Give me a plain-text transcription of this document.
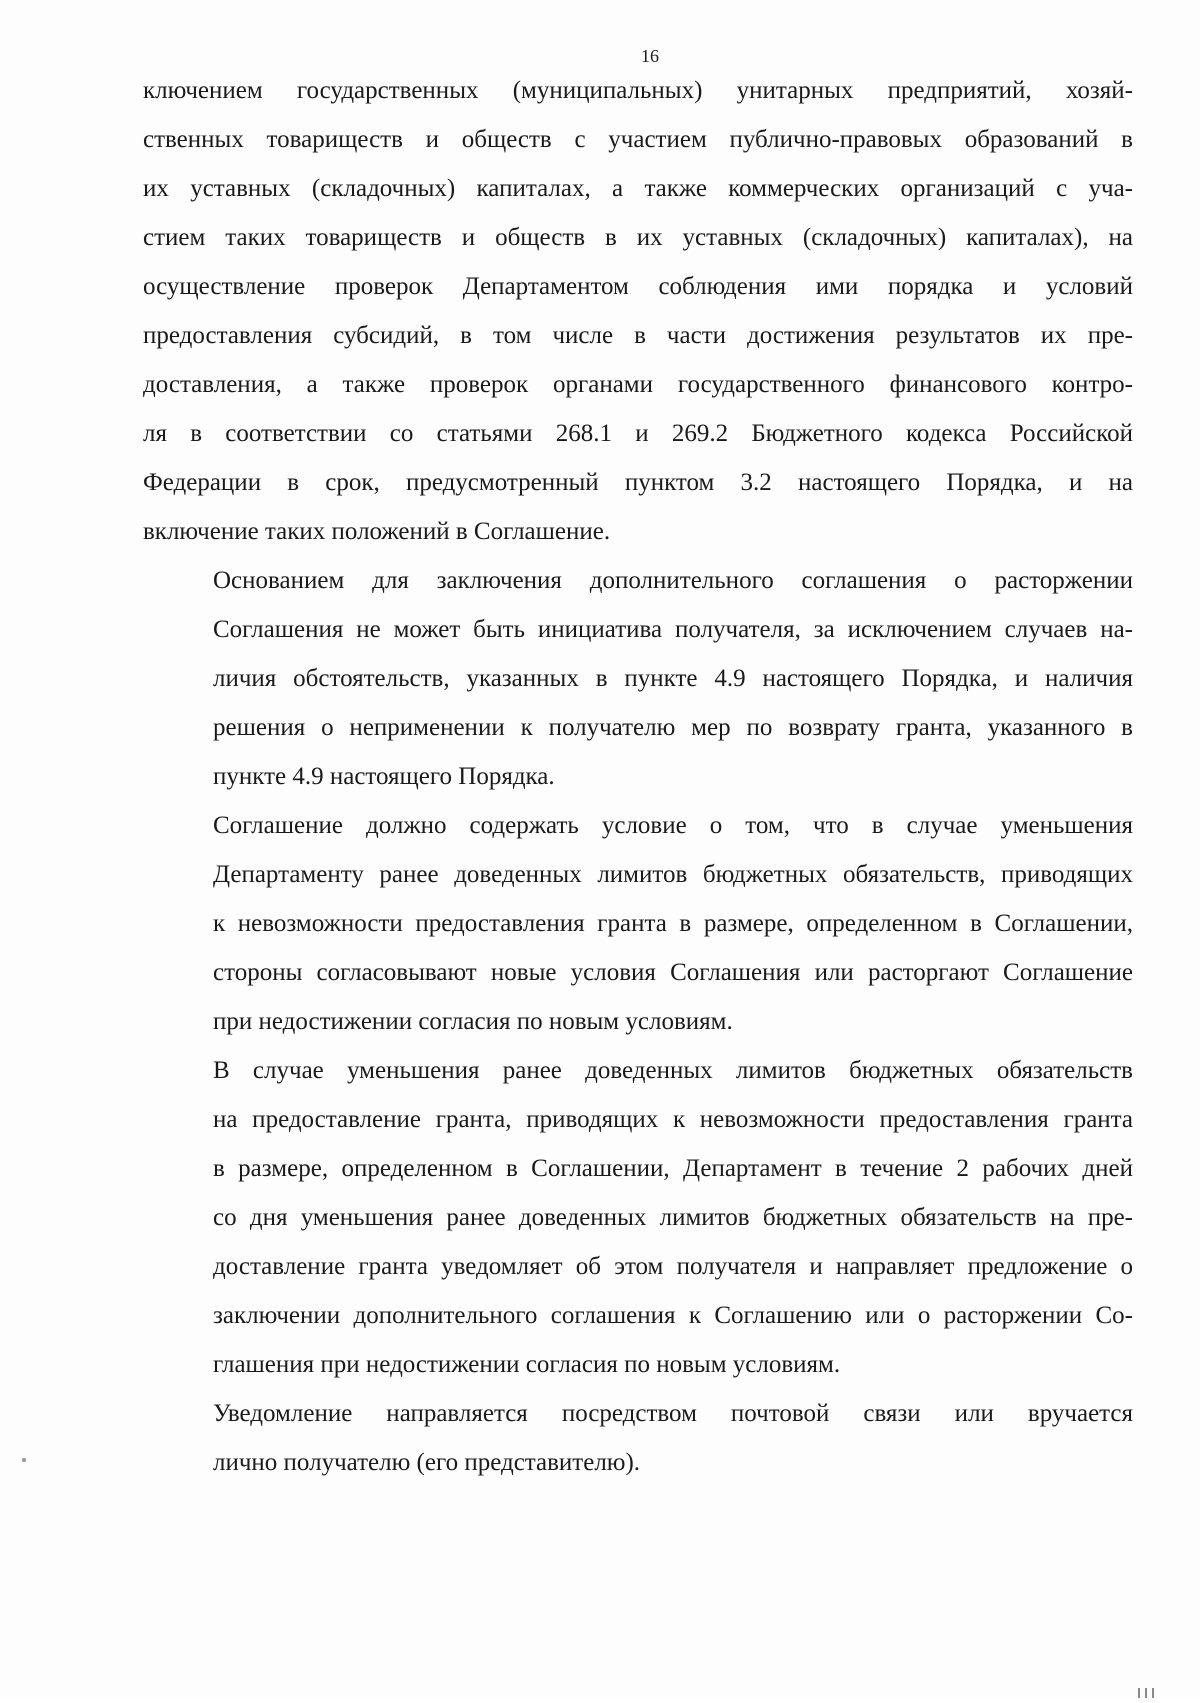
16
ключением государственных (муниципальных) унитарных предприятий, хозяй-
ственных товариществ и обществ с участием публично-правовых образований в
их уставных (складочных) капиталах, а также коммерческих организаций с уча-
стием таких товариществ и обществ в их уставных (складочных) капиталах), на
осуществление проверок Департаментом соблюдения ими порядка и условий
предоставления субсидий, в том числе в части достижения результатов их пре-
доставления, а также проверок органами государственного финансового контро-
ля в соответствии со статьями 268.1 и 269.2 Бюджетного кодекса Российской
Федерации в срок, предусмотренный пунктом 3.2 настоящего Порядка, и на
включение таких положений в Соглашение.
Основанием для заключения дополнительного соглашения о расторжении
Соглашения не может быть инициатива получателя, за исключением случаев на-
личия обстоятельств, указанных в пункте 4.9 настоящего Порядка, и наличия
решения о неприменении к получателю мер по возврату гранта, указанного в
пункте 4.9 настоящего Порядка.
Соглашение должно содержать условие о том, что в случае уменьшения
Департаменту ранее доведенных лимитов бюджетных обязательств, приводящих
к невозможности предоставления гранта в размере, определенном в Соглашении,
стороны согласовывают новые условия Соглашения или расторгают Соглашение
при недостижении согласия по новым условиям.
В случае уменьшения ранее доведенных лимитов бюджетных обязательств
на предоставление гранта, приводящих к невозможности предоставления гранта
в размере, определенном в Соглашении, Департамент в течение 2 рабочих дней
со дня уменьшения ранее доведенных лимитов бюджетных обязательств на пре-
доставление гранта уведомляет об этом получателя и направляет предложение о
заключении дополнительного соглашения к Соглашению или о расторжении Со-
глашения при недостижении согласия по новым условиям.
Уведомление направляется посредством почтовой связи или вручается
лично получателю (его представителю).
